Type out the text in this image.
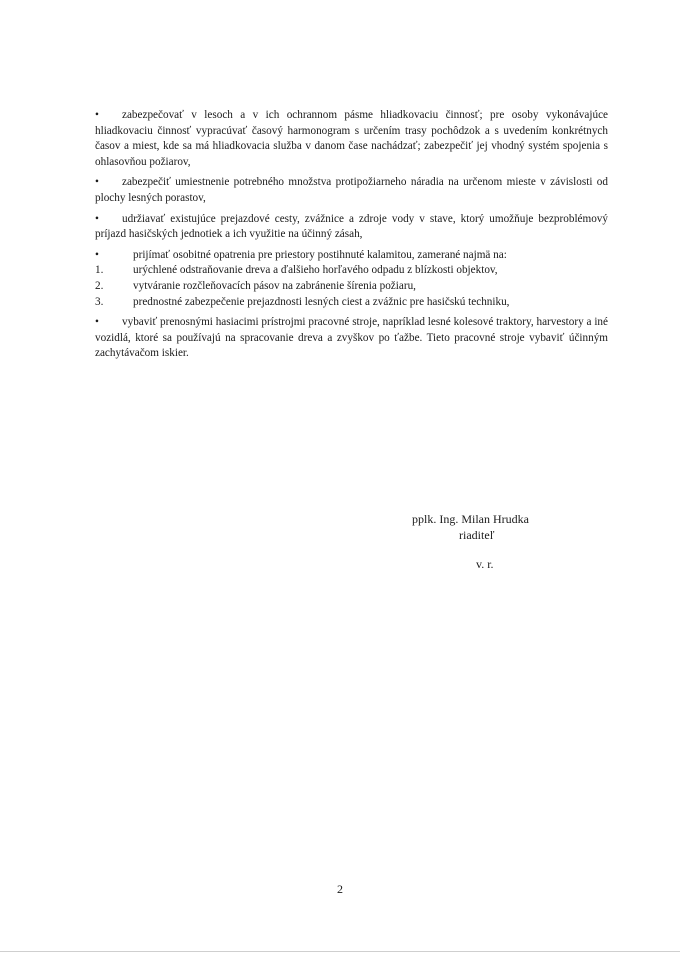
•	zabezpečovať v lesoch a v ich ochrannom pásme hliadkovaciu činnosť; pre osoby vykonávajúce hliadkovaciu činnosť vypracúvať časový harmonogram s určením trasy pochôdzok a s uvedením konkrétnych časov a miest, kde sa má hliadkovacia služba v danom čase nachádzať; zabezpečiť jej vhodný systém spojenia s ohlasovňou požiarov,
•	zabezpečiť umiestnenie potrebného množstva protipožiarneho náradia na určenom mieste v závislosti od plochy lesných porastov,
•	udržiavať existujúce prejazdové cesty, zvážnice a zdroje vody v stave, ktorý umožňuje bezproblémový príjazd hasičských jednotiek a ich využitie na účinný zásah,
•	prijímať osobitné opatrenia pre priestory postihnuté kalamitou, zamerané najmä na:
1.	urýchlené odstraňovanie dreva a ďalšieho horľavého odpadu z blízkosti objektov,
2.	vytváranie rozčleňovacích pásov na zabránenie šírenia požiaru,
3.	prednostné zabezpečenie prejazdnosti lesných ciest a zvážnic pre hasičskú techniku,
•	vybaviť prenosnými hasiacimi prístrojmi pracovné stroje, napríklad lesné kolesové traktory, harvestory a iné vozidlá, ktoré sa používajú na spracovanie dreva a zvyškov po ťažbe. Tieto pracovné stroje vybaviť účinným zachytávačom iskier.
pplk. Ing. Milan Hrudka
riaditeľ
v. r.
2
